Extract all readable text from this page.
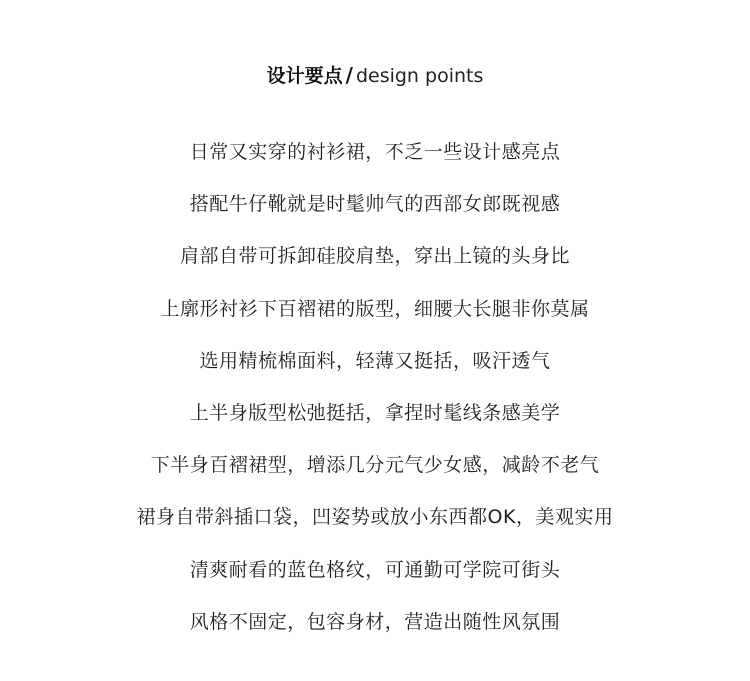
设计要点 / design points
日常又实穿的衬衫裙，不乏一些设计感亮点
搭配牛仔靴就是时髦帅气的西部女郎既视感
肩部自带可拆卸硅胶肩垫，穿出上镜的头身比
上廓形衬衫下百褶裙的版型，细腰大长腿非你莫属
选用精梳棉面料，轻薄又挺括，吸汗透气
上半身版型松弛挺括，拿捏时髦线条感美学
下半身百褶裙型，增添几分元气少女感，减龄不老气
裙身自带斜插口袋，凹姿势或放小东西都OK，美观实用
清爽耐看的蓝色格纹，可通勤可学院可街头
风格不固定，包容身材，营造出随性风氛围
